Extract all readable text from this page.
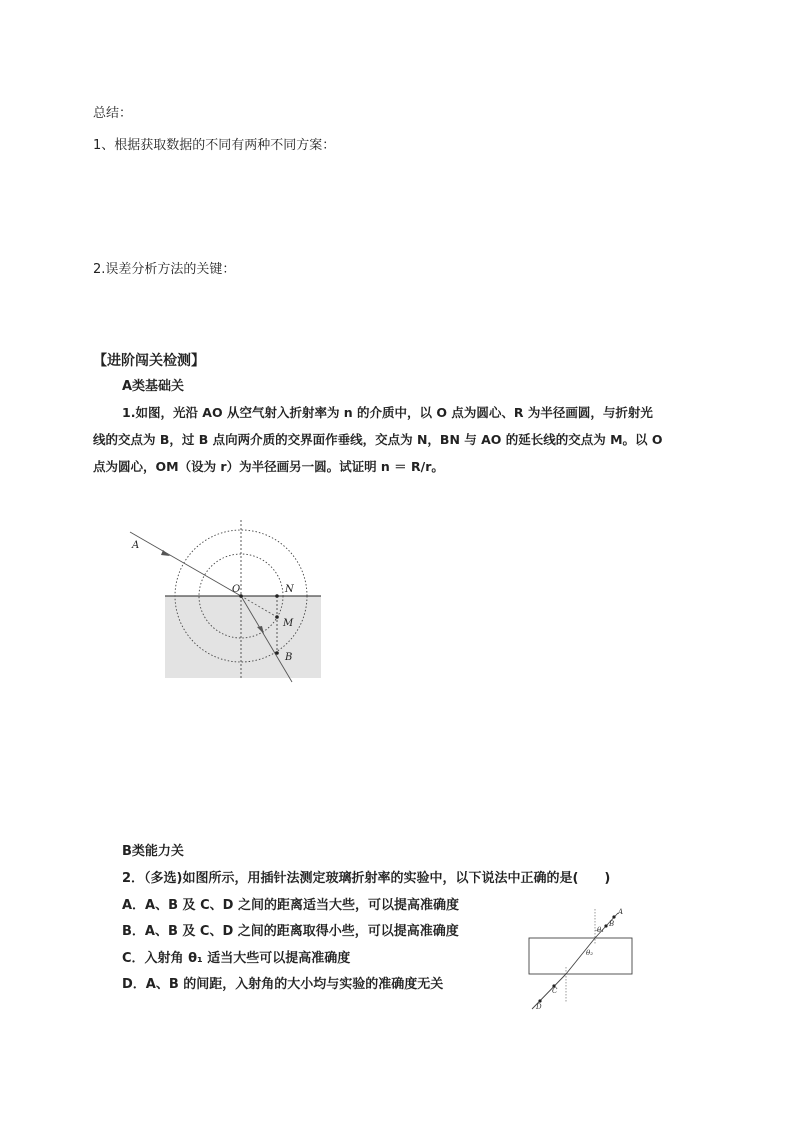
总结：
1、根据获取数据的不同有两种不同方案：
2.误差分析方法的关键：
【进阶闯关检测】
A类基础关
1.如图，光沿 AO 从空气射入折射率为 n 的介质中，以 O 点为圆心、R 为半径画圆，与折射光
线的交点为 B，过 B 点向两介质的交界面作垂线，交点为 N，BN 与 AO 的延长线的交点为 M。以 O
点为圆心，OM（设为 r）为半径画另一圆。试证明 n ＝ R/r。
A
O	N
M
B
B类能力关
2．（多选)如图所示，用插针法测定玻璃折射率的实验中，以下说法中正确的是(　　)
A．A、B 及 C、D 之间的距离适当大些，可以提高准确度
B．A、B 及 C、D 之间的距离取得小些，可以提高准确度
C．入射角 θ₁ 适当大些可以提高准确度
D．A、B 的间距，入射角的大小均与实验的准确度无关
A
B
θ₁
θ₂
C
D
